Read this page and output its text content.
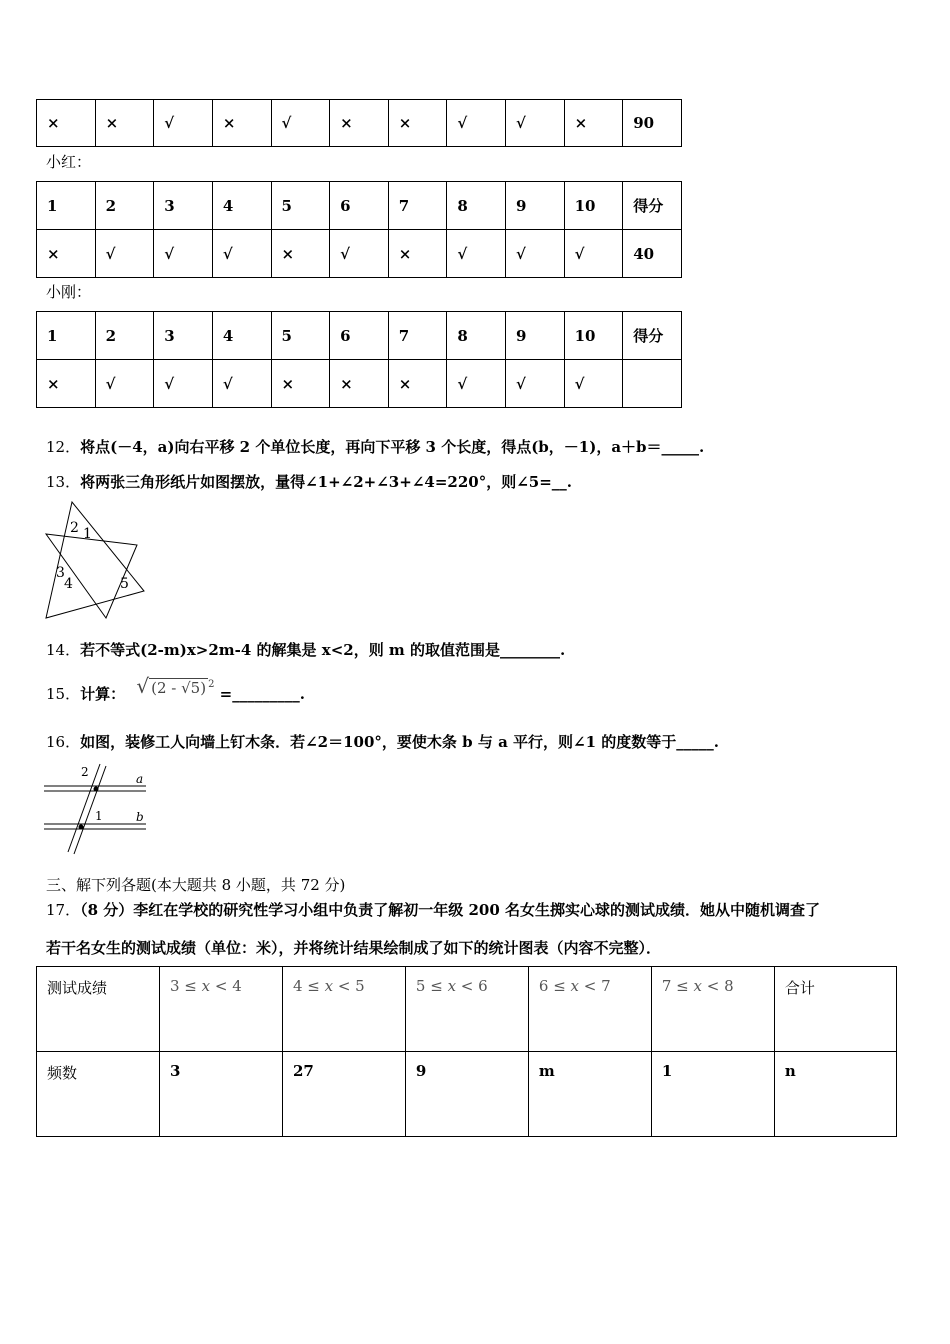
×	×	√	×	√	×	×	√	√	×	90
小红：
1	2	3	4	5	6	7	8	9	10	得分
×	√	√	√	×	√	×	√	√	√	40
小刚：
1	2	3	4	5	6	7	8	9	10	得分
×	√	√	√	×	×	×	√	√	√	
12．将点(－4，a)向右平移 2 个单位长度，再向下平移 3 个长度，得点(b，－1)，a＋b＝_____.
13．将两张三角形纸片如图摆放，量得∠1+∠2+∠3+∠4=220°，则∠5=__.
2 1
3
4	5
14．若不等式(2-m)x>2m-4 的解集是 x<2，则 m 的取值范围是________.
15．计算： √ (2 - √5) $^2$ =_________.
16．如图，装修工人向墙上钉木条．若∠2＝100°，要使木条 b 与 a 平行，则∠1 的度数等于_____.
2	a
1	b
三、解下列各题(本大题共 8 小题，共 72 分)
17．（8 分）李红在学校的研究性学习小组中负责了解初一年级 200 名女生掷实心球的测试成绩．她从中随机调查了
若干名女生的测试成绩（单位：米），并将统计结果绘制成了如下的统计图表（内容不完整）．
测试成绩	3 ≤ x < 4	4 ≤ x < 5	5 ≤ x < 6	6 ≤ x < 7	7 ≤ x < 8	合计
频数	3	27	9	m	1	n
